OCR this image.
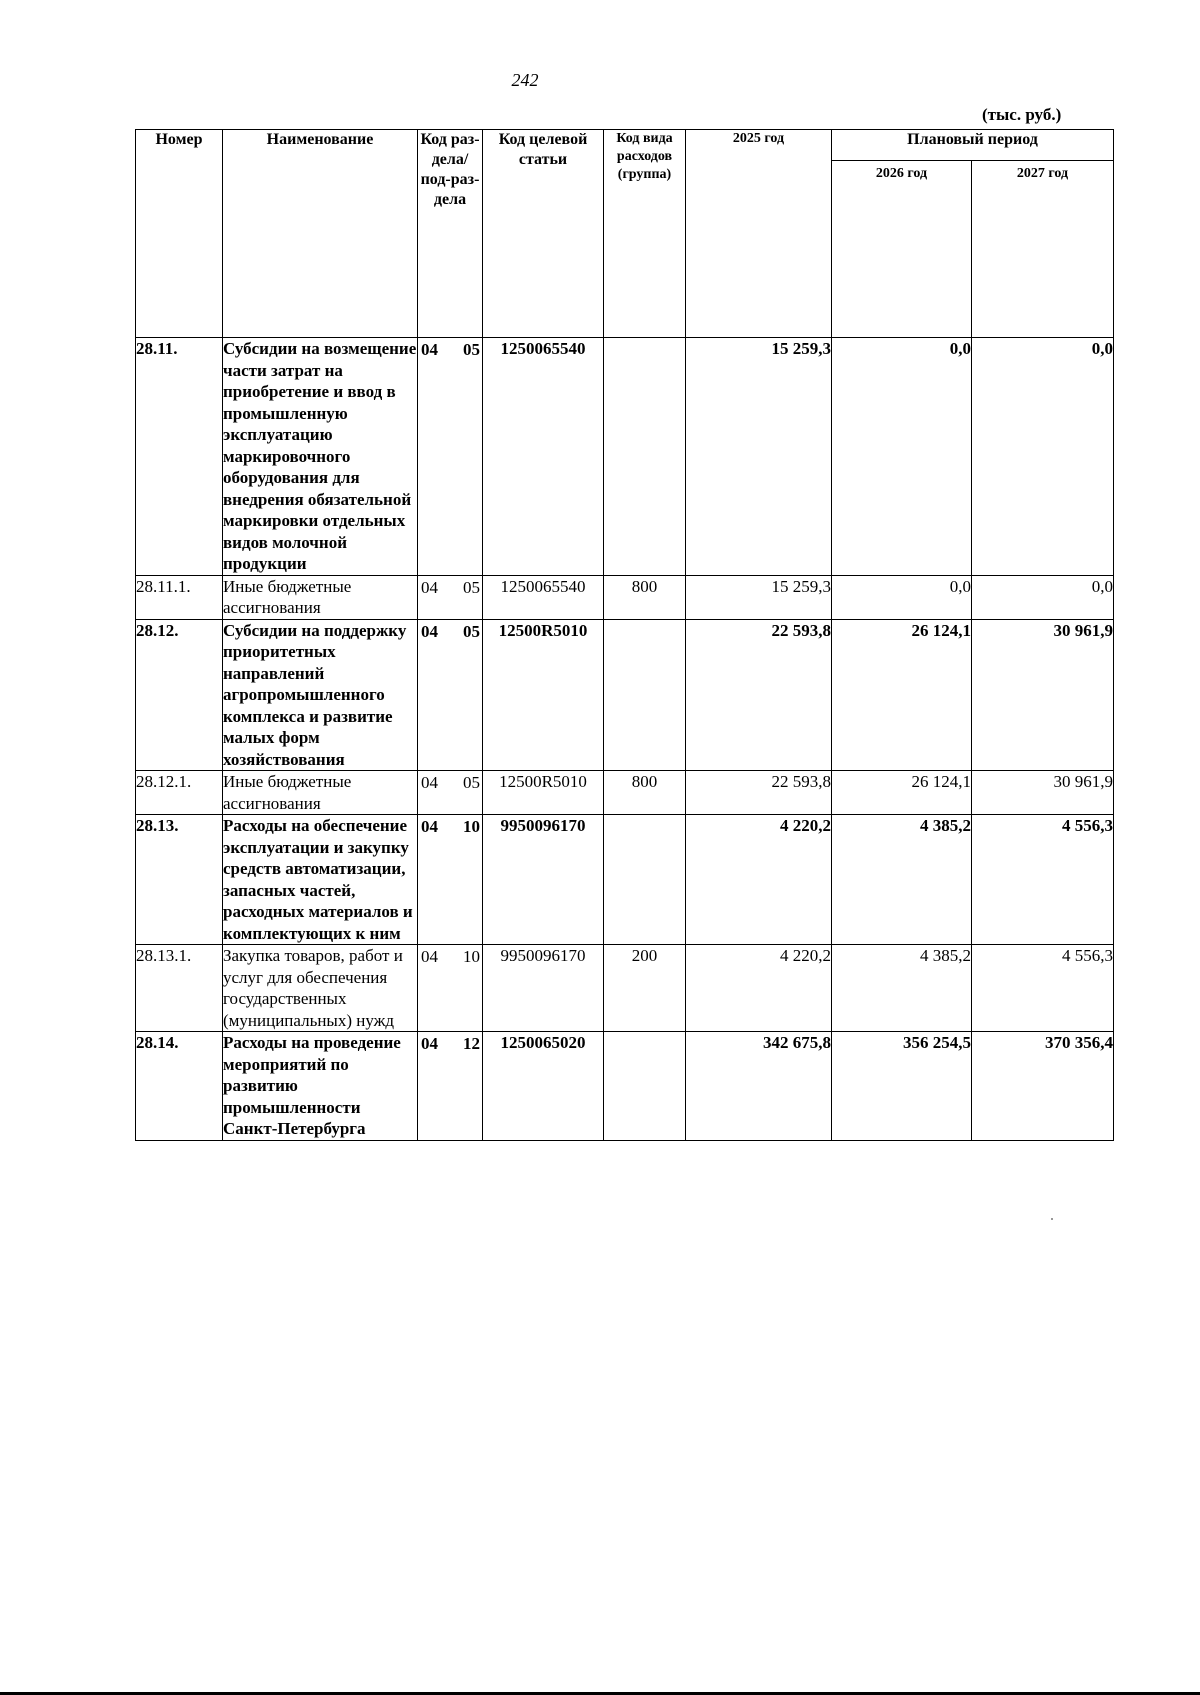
242
(тыс. руб.)
Номер	Наименование	Код раз-дела/ под-раз-дела	Код целевой статьи	Код вида расходов (группа)	2025 год	Плановый период	
						2026 год	2027 год
28.11.	Субсидии на возмещение части затрат на приобретение и ввод в промышленную эксплуатацию маркировочного оборудования для внедрения обязательной маркировки отдельных видов молочной продукции	04 05	1250065540		15 259,3	0,0	0,0
28.11.1.	Иные бюджетные ассигнования	04 05	1250065540	800	15 259,3	0,0	0,0
28.12.	Субсидии на поддержку приоритетных направлений агропромышленного комплекса и развитие малых форм хозяйствования	04 05	12500R5010		22 593,8	26 124,1	30 961,9
28.12.1.	Иные бюджетные ассигнования	04 05	12500R5010	800	22 593,8	26 124,1	30 961,9
28.13.	Расходы на обеспечение эксплуатации и закупку средств автоматизации, запасных частей, расходных материалов и комплектующих к ним	04 10	9950096170		4 220,2	4 385,2	4 556,3
28.13.1.	Закупка товаров, работ и услуг для обеспечения государственных (муниципальных) нужд	04 10	9950096170	200	4 220,2	4 385,2	4 556,3
28.14.	Расходы на проведение мероприятий по развитию промышленности Санкт-Петербурга	04 12	1250065020		342 675,8	356 254,5	370 356,4
